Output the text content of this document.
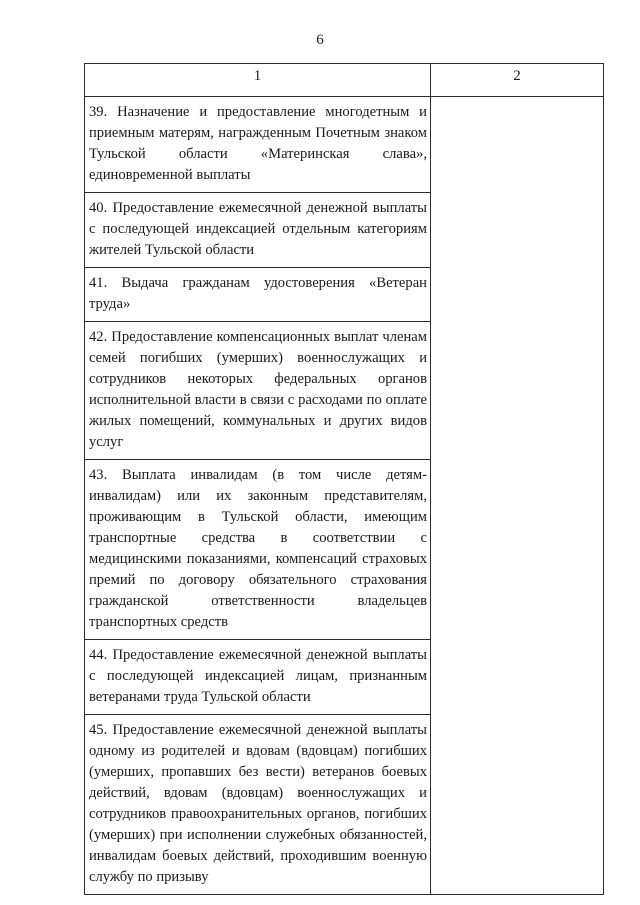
6
1	2
39. Назначение и предоставление многодетным и приемным матерям, награжденным Почетным знаком Тульской области «Материнская слава», единовременной выплаты	
40. Предоставление ежемесячной денежной выплаты с последующей индексацией отдельным категориям жителей Тульской области	
41. Выдача гражданам удостоверения «Ветеран труда»	
42. Предоставление компенсационных выплат членам семей погибших (умерших) военнослужащих и сотрудников некоторых федеральных органов исполнительной власти в связи с расходами по оплате жилых помещений, коммунальных и других видов услуг	
43. Выплата инвалидам (в том числе детям-инвалидам) или их законным представителям, проживающим в Тульской области, имеющим транспортные средства в соответствии с медицинскими показаниями, компенсаций страховых премий по договору обязательного страхования гражданской ответственности владельцев транспортных средств	
44. Предоставление ежемесячной денежной выплаты с последующей индексацией лицам, признанным ветеранами труда Тульской области	
45. Предоставление ежемесячной денежной выплаты одному из родителей и вдовам (вдовцам) погибших (умерших, пропавших без вести) ветеранов боевых действий, вдовам (вдовцам) военнослужащих и сотрудников правоохранительных органов, погибших (умерших) при исполнении служебных обязанностей, инвалидам боевых действий, проходившим военную службу по призыву	
